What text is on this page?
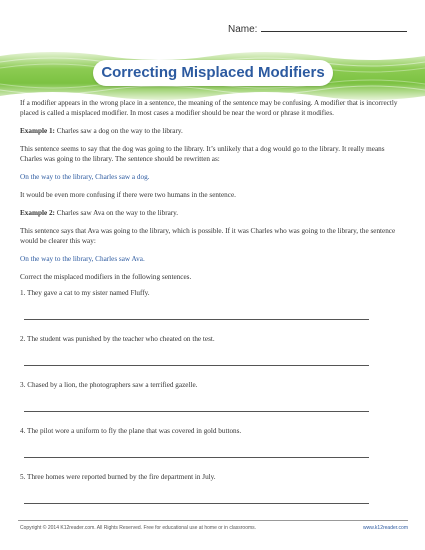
Name:
Correcting Misplaced Modifiers

If a modifier appears in the wrong place in a sentence, the meaning of the sentence may be confusing. A modifier that is incorrectly placed is called a misplaced modifier. In most cases a modifier should be near the word or phrase it modifies.

Example 1: Charles saw a dog on the way to the library.

This sentence seems to say that the dog was going to the library. It’s unlikely that a dog would go to the library. It really means Charles was going to the library. The sentence should be rewritten as:

On the way to the library, Charles saw a dog.

It would be even more confusing if there were two humans in the sentence.

Example 2: Charles saw Ava on the way to the library.

This sentence says that Ava was going to the library, which is possible. If it was Charles who was going to the library, the sentence would be clearer this way:

On the way to the library, Charles saw Ava.

Correct the misplaced modifiers in the following sentences.

1. They gave a cat to my sister named Fluffy.

2. The student was punished by the teacher who cheated on the test.

3. Chased by a lion, the photographers saw a terrified gazelle.

4. The pilot wore a uniform to fly the plane that was covered in gold buttons.

5. Three homes were reported burned by the fire department in July.

Copyright © 2014 K12reader.com. All Rights Reserved. Free for educational use at home or in classrooms.	www.k12reader.com
